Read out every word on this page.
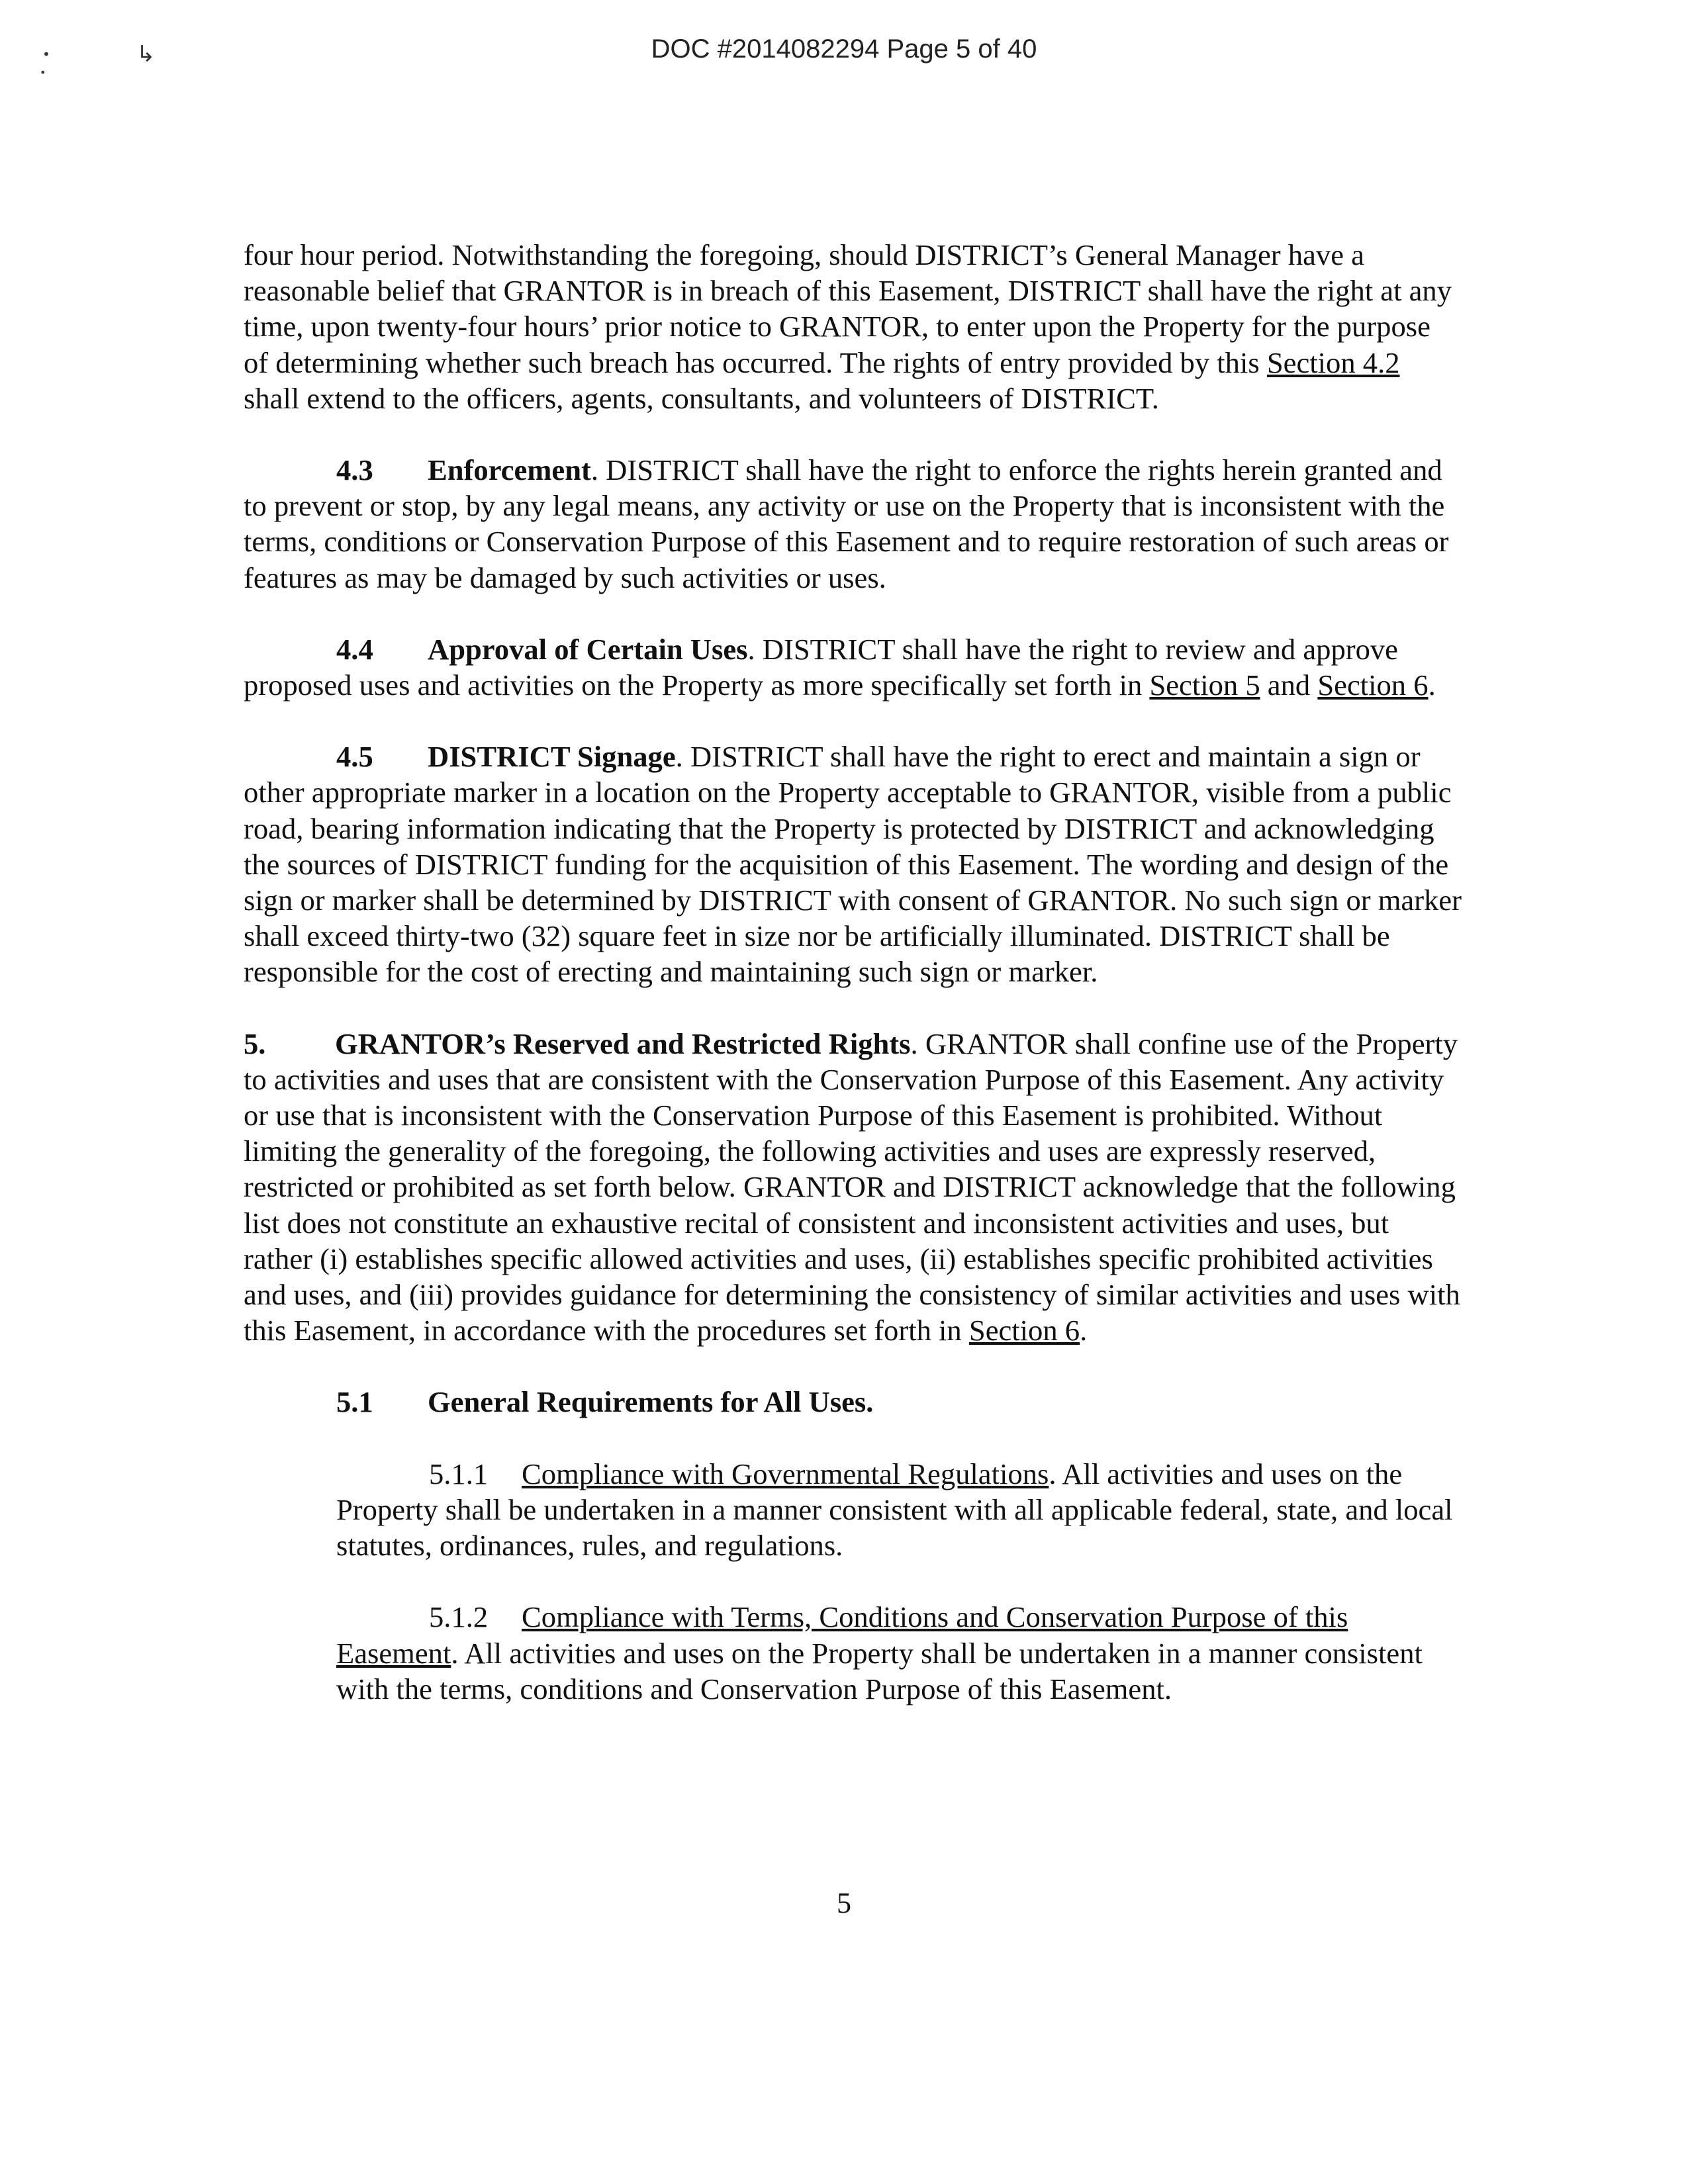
DOC #2014082294 Page 5 of 40
•
•
↳

four hour period. Notwithstanding the foregoing, should DISTRICT’s General Manager have a reasonable belief that GRANTOR is in breach of this Easement, DISTRICT shall have the right at any time, upon twenty-four hours’ prior notice to GRANTOR, to enter upon the Property for the purpose of determining whether such breach has occurred. The rights of entry provided by this Section 4.2 shall extend to the officers, agents, consultants, and volunteers of DISTRICT.

4.3 Enforcement. DISTRICT shall have the right to enforce the rights herein granted and to prevent or stop, by any legal means, any activity or use on the Property that is inconsistent with the terms, conditions or Conservation Purpose of this Easement and to require restoration of such areas or features as may be damaged by such activities or uses.

4.4 Approval of Certain Uses. DISTRICT shall have the right to review and approve proposed uses and activities on the Property as more specifically set forth in Section 5 and Section 6.

4.5 DISTRICT Signage. DISTRICT shall have the right to erect and maintain a sign or other appropriate marker in a location on the Property acceptable to GRANTOR, visible from a public road, bearing information indicating that the Property is protected by DISTRICT and acknowledging the sources of DISTRICT funding for the acquisition of this Easement. The wording and design of the sign or marker shall be determined by DISTRICT with consent of GRANTOR. No such sign or marker shall exceed thirty-two (32) square feet in size nor be artificially illuminated. DISTRICT shall be responsible for the cost of erecting and maintaining such sign or marker.

5. GRANTOR’s Reserved and Restricted Rights. GRANTOR shall confine use of the Property to activities and uses that are consistent with the Conservation Purpose of this Easement. Any activity or use that is inconsistent with the Conservation Purpose of this Easement is prohibited. Without limiting the generality of the foregoing, the following activities and uses are expressly reserved, restricted or prohibited as set forth below. GRANTOR and DISTRICT acknowledge that the following list does not constitute an exhaustive recital of consistent and inconsistent activities and uses, but rather (i) establishes specific allowed activities and uses, (ii) establishes specific prohibited activities and uses, and (iii) provides guidance for determining the consistency of similar activities and uses with this Easement, in accordance with the procedures set forth in Section 6.

5.1 General Requirements for All Uses.

5.1.1 Compliance with Governmental Regulations. All activities and uses on the Property shall be undertaken in a manner consistent with all applicable federal, state, and local statutes, ordinances, rules, and regulations.

5.1.2 Compliance with Terms, Conditions and Conservation Purpose of this Easement. All activities and uses on the Property shall be undertaken in a manner consistent with the terms, conditions and Conservation Purpose of this Easement.

5
